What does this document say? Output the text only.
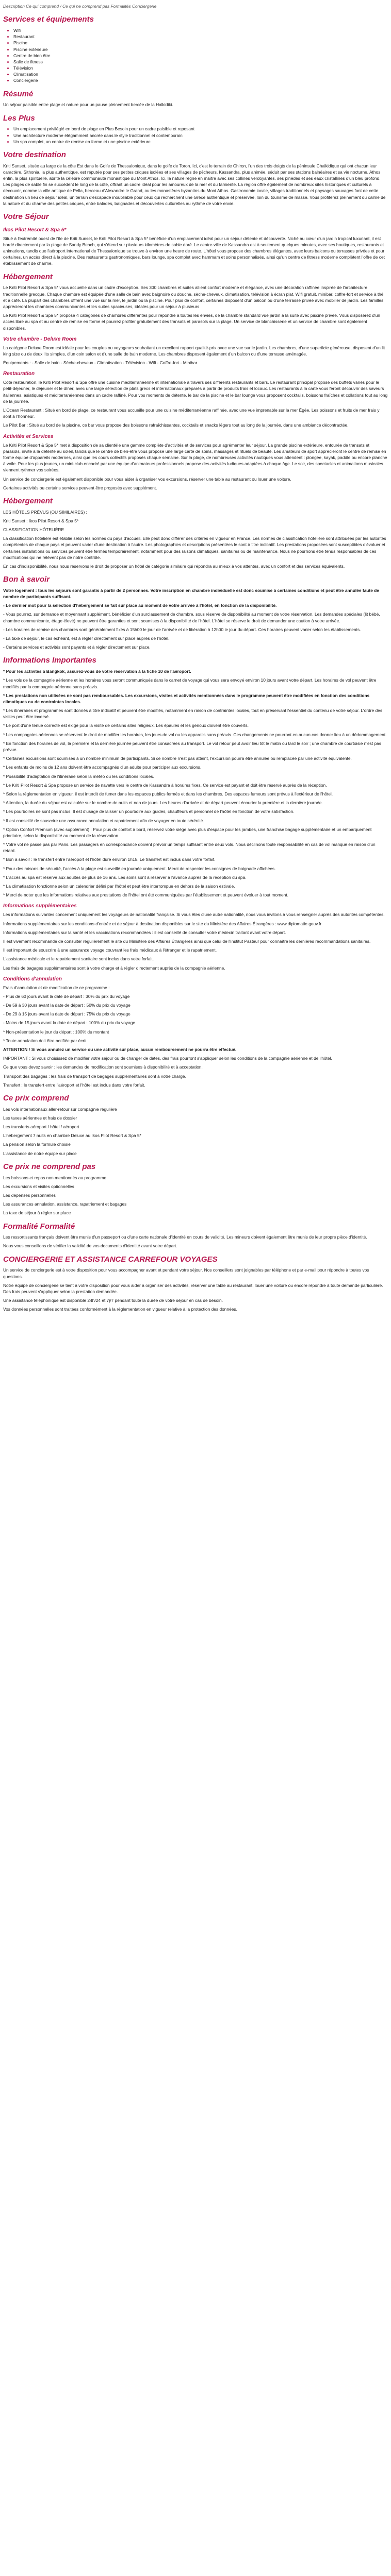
Description Ce qui comprend / Ce qui ne comprend pas Formalités Conciergerie

Services et équipements
• Wifi
• Restaurant
• Piscine
• Piscine extérieure
• Centre de bien être
• Salle de fitness
• Télévision
• Climatisation
• Conciergerie
Résumé

Un séjour paisible entre plage et nature pour un pause pleinement bercée de la Halkidiki.

Les Plus
• Un emplacement privilégié en bord de plage en Plus Besoin pour un cadre paisible et reposant
• Une architecture moderne élégamment ancrée dans le style traditionnel et contemporain
• Un spa complet, un centre de remise en forme et une piscine extérieure
Votre destination

Kriti Sunset, située au large de la côte Est dans le Golfe de Thessalonique, dans le golfe de Toron. Ici, c'est le terrain de Chiron, l'un des trois doigts de la péninsule Chalkidique qui ont chacun leur caractère. Sithonia, la plus authentique, est réputée pour ses petites criques isolées et ses villages de pêcheurs. Kassandra, plus animée, séduit par ses stations balnéaires et sa vie nocturne. Athos enfin, la plus spirituelle, abrite la célèbre communauté monastique du Mont Athos. Ici, la nature règne en maître avec ses collines verdoyantes, ses pinèdes et ses eaux cristallines d'un bleu profond. Les plages de sable fin se succèdent le long de la côte, offrant un cadre idéal pour les amoureux de la mer et du farniente. La région offre également de nombreux sites historiques et culturels à découvrir, comme la ville antique de Pella, berceau d'Alexandre le Grand, ou les monastères byzantins du Mont Athos. Gastronomie locale, villages traditionnels et paysages sauvages font de cette destination un lieu de séjour idéal, un terrain d'escapade inoubliable pour ceux qui recherchent une Grèce authentique et préservée, loin du tourisme de masse. Vous profiterez pleinement du calme de la nature et du charme des petites criques, entre balades, baignades et découvertes culturelles au rythme de votre envie.

Votre Séjour
Ikos Pilot Resort & Spa 5*

Situé à l'extrémité ouest de l'île de Kriti Sunset, le Kriti Pilot Resort & Spa 5* bénéficie d'un emplacement idéal pour un séjour détente et découverte. Niché au cœur d'un jardin tropical luxuriant, il est bordé directement par la plage de Sandy Beach, qui s'étend sur plusieurs kilomètres de sable doré. Le centre-ville de Kassandra est à seulement quelques minutes, avec ses boutiques, restaurants et animations, tandis que l'aéroport international de Thessalonique se trouve à environ une heure de route. L'hôtel vous propose des chambres élégantes, avec leurs balcons ou terrasses privées et pour certaines, un accès direct à la piscine. Des restaurants gastronomiques, bars lounge, spa complet avec hammam et soins personnalisés, ainsi qu'un centre de fitness moderne complètent l'offre de cet établissement de charme.

Hébergement

Le Kriti Pilot Resort & Spa 5* vous accueille dans un cadre d'exception. Ses 300 chambres et suites allient confort moderne et élégance, avec une décoration raffinée inspirée de l'architecture traditionnelle grecque. Chaque chambre est équipée d'une salle de bain avec baignoire ou douche, sèche-cheveux, climatisation, télévision à écran plat, Wifi gratuit, minibar, coffre-fort et service à thé et à café. La plupart des chambres offrent une vue sur la mer, le jardin ou la piscine. Pour plus de confort, certaines disposent d'un balcon ou d'une terrasse privée avec mobilier de jardin. Les familles apprécieront les chambres communicantes et les suites spacieuses, idéales pour un séjour à plusieurs.

Le Kriti Pilot Resort & Spa 5* propose 4 catégories de chambres différentes pour répondre à toutes les envies, de la chambre standard vue jardin à la suite avec piscine privée. Vous disposerez d'un accès libre au spa et au centre de remise en forme et pourrez profiter gratuitement des transats et parasols sur la plage. Un service de blanchisserie et un service de chambre sont également disponibles.

Votre chambre - Deluxe Room

La catégorie Deluxe Room est idéale pour les couples ou voyageurs souhaitant un excellent rapport qualité-prix avec une vue sur le jardin. Les chambres, d'une superficie généreuse, disposent d'un lit king size ou de deux lits simples, d'un coin salon et d'une salle de bain moderne. Les chambres disposent également d'un balcon ou d'une terrasse aménagée.

Équipements : - Salle de bain - Sèche-cheveux - Climatisation - Télévision - Wifi - Coffre-fort - Minibar

Restauration

Côté restauration, le Kriti Pilot Resort & Spa offre une cuisine méditerranéenne et internationale à travers ses différents restaurants et bars. Le restaurant principal propose des buffets variés pour le petit-déjeuner, le déjeuner et le dîner, avec une large sélection de plats grecs et internationaux préparés à partir de produits frais et locaux. Les restaurants à la carte vous feront découvrir des saveurs italiennes, asiatiques et méditerranéennes dans un cadre raffiné. Pour vos moments de détente, le bar de la piscine et le bar lounge vous proposent cocktails, boissons fraîches et collations tout au long de la journée.

L'Ocean Restaurant : Situé en bord de plage, ce restaurant vous accueille pour une cuisine méditerranéenne raffinée, avec une vue imprenable sur la mer Égée. Les poissons et fruits de mer frais y sont à l'honneur.

Le Pilot Bar : Situé au bord de la piscine, ce bar vous propose des boissons rafraîchissantes, cocktails et snacks légers tout au long de la journée, dans une ambiance décontractée.

Activités et Services

Le Kriti Pilot Resort & Spa 5* met à disposition de sa clientèle une gamme complète d'activités et de services pour agrémenter leur séjour. La grande piscine extérieure, entourée de transats et parasols, invite à la détente au soleil, tandis que le centre de bien-être vous propose une large carte de soins, massages et rituels de beauté. Les amateurs de sport apprécieront le centre de remise en forme équipé d'appareils modernes, ainsi que les cours collectifs proposés chaque semaine. Sur la plage, de nombreuses activités nautiques vous attendent : plongée, kayak, paddle ou encore planche à voile. Pour les plus jeunes, un mini-club encadré par une équipe d'animateurs professionnels propose des activités ludiques adaptées à chaque âge. Le soir, des spectacles et animations musicales viennent rythmer vos soirées.

Un service de conciergerie est également disponible pour vous aider à organiser vos excursions, réserver une table au restaurant ou louer une voiture.

Certaines activités ou certains services peuvent être proposés avec supplément.

Hébergement

LES HÔTELS PRÉVUS (OU SIMILAIRES) :

Kriti Sunset : Ikos Pilot Resort & Spa 5*

CLASSIFICATION HÔTELIÈRE

La classification hôtelière est établie selon les normes du pays d'accueil. Elle peut donc différer des critères en vigueur en France. Les normes de classification hôtelière sont attribuées par les autorités compétentes de chaque pays et peuvent varier d'une destination à l'autre. Les photographies et descriptions présentées le sont à titre indicatif. Les prestations proposées sont susceptibles d'évoluer et certaines installations ou services peuvent être fermés temporairement, notamment pour des raisons climatiques, sanitaires ou de maintenance. Nous ne pourrions être tenus responsables de ces modifications qui ne relèvent pas de notre contrôle.

En cas d'indisponibilité, nous nous réservons le droit de proposer un hôtel de catégorie similaire qui répondra au mieux à vos attentes, avec un confort et des services équivalents.

Bon à savoir

Votre logement : tous les séjours sont garantis à partir de 2 personnes. Votre inscription en chambre individuelle est donc soumise à certaines conditions et peut être annulée faute de nombre de participants suffisant.

- Le dernier mot pour la sélection d'hébergement se fait sur place au moment de votre arrivée à l'hôtel, en fonction de la disponibilité.

- Vous pourrez, sur demande et moyennant supplément, bénéficier d'un surclassement de chambre, sous réserve de disponibilité au moment de votre réservation. Les demandes spéciales (lit bébé, chambre communicante, étage élevé) ne peuvent être garanties et sont soumises à la disponibilité de l'hôtel. L'hôtel se réserve le droit de demander une caution à votre arrivée.

- Les horaires de remise des chambres sont généralement fixés à 15h00 le jour de l'arrivée et de libération à 12h00 le jour du départ. Ces horaires peuvent varier selon les établissements.

- La taxe de séjour, le cas échéant, est à régler directement sur place auprès de l'hôtel.

- Certains services et activités sont payants et à régler directement sur place.

Informations Importantes

* Pour les activités à Bangkok, assurez-vous de votre réservation à la fiche 10 de l'aéroport.

* Les vols de la compagnie aérienne et les horaires vous seront communiqués dans le carnet de voyage qui vous sera envoyé environ 10 jours avant votre départ. Les horaires de vol peuvent être modifiés par la compagnie aérienne sans préavis.

* Les prestations non utilisées ne sont pas remboursables. Les excursions, visites et activités mentionnées dans le programme peuvent être modifiées en fonction des conditions climatiques ou de contraintes locales.

* Les itinéraires et programmes sont donnés à titre indicatif et peuvent être modifiés, notamment en raison de contraintes locales, tout en préservant l'essentiel du contenu de votre séjour. L'ordre des visites peut être inversé.

* Le port d'une tenue correcte est exigé pour la visite de certains sites religieux. Les épaules et les genoux doivent être couverts.

* Les compagnies aériennes se réservent le droit de modifier les horaires, les jours de vol ou les appareils sans préavis. Ces changements ne pourront en aucun cas donner lieu à un dédommagement.

* En fonction des horaires de vol, la première et la dernière journée peuvent être consacrées au transport. Le vol retour peut avoir lieu tôt le matin ou tard le soir ; une chambre de courtoisie n'est pas prévue.

* Certaines excursions sont soumises à un nombre minimum de participants. Si ce nombre n'est pas atteint, l'excursion pourra être annulée ou remplacée par une activité équivalente.

* Les enfants de moins de 12 ans doivent être accompagnés d'un adulte pour participer aux excursions.

* Possibilité d'adaptation de l'itinéraire selon la météo ou les conditions locales.

* Le Kriti Pilot Resort & Spa propose un service de navette vers le centre de Kassandra à horaires fixes. Ce service est payant et doit être réservé auprès de la réception.

* Selon la réglementation en vigueur, il est interdit de fumer dans les espaces publics fermés et dans les chambres. Des espaces fumeurs sont prévus à l'extérieur de l'hôtel.

* Attention, la durée du séjour est calculée sur le nombre de nuits et non de jours. Les heures d'arrivée et de départ peuvent écourter la première et la dernière journée.

* Les pourboires ne sont pas inclus. Il est d'usage de laisser un pourboire aux guides, chauffeurs et personnel de l'hôtel en fonction de votre satisfaction.

* Il est conseillé de souscrire une assurance annulation et rapatriement afin de voyager en toute sérénité.

* Option Confort Premium (avec supplément) : Pour plus de confort à bord, réservez votre siège avec plus d'espace pour les jambes, une franchise bagage supplémentaire et un embarquement prioritaire, selon la disponibilité au moment de la réservation.

* Votre vol ne passe pas par Paris. Les passagers en correspondance doivent prévoir un temps suffisant entre deux vols. Nous déclinons toute responsabilité en cas de vol manqué en raison d'un retard.

* Bon à savoir : le transfert entre l'aéroport et l'hôtel dure environ 1h15. Le transfert est inclus dans votre forfait.

* Pour des raisons de sécurité, l'accès à la plage est surveillé en journée uniquement. Merci de respecter les consignes de baignade affichées.

* L'accès au spa est réservé aux adultes de plus de 16 ans. Les soins sont à réserver à l'avance auprès de la réception du spa.

* La climatisation fonctionne selon un calendrier défini par l'hôtel et peut être interrompue en dehors de la saison estivale.

* Merci de noter que les informations relatives aux prestations de l'hôtel ont été communiquées par l'établissement et peuvent évoluer à tout moment.

Informations supplémentaires

Les informations suivantes concernent uniquement les voyageurs de nationalité française. Si vous êtes d'une autre nationalité, nous vous invitons à vous renseigner auprès des autorités compétentes.

Informations supplémentaires sur les conditions d'entrée et de séjour à destination disponibles sur le site du Ministère des Affaires Étrangères : www.diplomatie.gouv.fr

Informations supplémentaires sur la santé et les vaccinations recommandées : il est conseillé de consulter votre médecin traitant avant votre départ.

Il est vivement recommandé de consulter régulièrement le site du Ministère des Affaires Étrangères ainsi que celui de l'Institut Pasteur pour connaître les dernières recommandations sanitaires.

Il est important de souscrire à une assurance voyage couvrant les frais médicaux à l'étranger et le rapatriement.

L'assistance médicale et le rapatriement sanitaire sont inclus dans votre forfait.

Les frais de bagages supplémentaires sont à votre charge et à régler directement auprès de la compagnie aérienne.

Conditions d'annulation

Frais d'annulation et de modification de ce programme :

- Plus de 60 jours avant la date de départ : 30% du prix du voyage

- De 59 à 30 jours avant la date de départ : 50% du prix du voyage

- De 29 à 15 jours avant la date de départ : 75% du prix du voyage

- Moins de 15 jours avant la date de départ : 100% du prix du voyage

* Non-présentation le jour du départ : 100% du montant

* Toute annulation doit être notifiée par écrit.

ATTENTION ! Si vous annulez un service ou une activité sur place, aucun remboursement ne pourra être effectué.

IMPORTANT : Si vous choisissez de modifier votre séjour ou de changer de dates, des frais pourront s'appliquer selon les conditions de la compagnie aérienne et de l'hôtel.

Ce que vous devez savoir : les demandes de modification sont soumises à disponibilité et à acceptation.

Transport des bagages : les frais de transport de bagages supplémentaires sont à votre charge.

Transfert : le transfert entre l'aéroport et l'hôtel est inclus dans votre forfait.

Ce prix comprend

Les vols internationaux aller-retour sur compagnie régulière

Les taxes aériennes et frais de dossier

Les transferts aéroport / hôtel / aéroport

L'hébergement 7 nuits en chambre Deluxe au Ikos Pilot Resort & Spa 5*

La pension selon la formule choisie

L'assistance de notre équipe sur place

Ce prix ne comprend pas

Les boissons et repas non mentionnés au programme

Les excursions et visites optionnelles

Les dépenses personnelles

Les assurances annulation, assistance, rapatriement et bagages

La taxe de séjour à régler sur place

Formalité Formalité

Les ressortissants français doivent être munis d'un passeport ou d'une carte nationale d'identité en cours de validité. Les mineurs doivent également être munis de leur propre pièce d'identité.

Nous vous conseillons de vérifier la validité de vos documents d'identité avant votre départ.

CONCIERGERIE ET ASSISTANCE CARREFOUR VOYAGES

Un service de conciergerie est à votre disposition pour vous accompagner avant et pendant votre séjour. Nos conseillers sont joignables par téléphone et par e-mail pour répondre à toutes vos questions.

Notre équipe de conciergerie se tient à votre disposition pour vous aider à organiser des activités, réserver une table au restaurant, louer une voiture ou encore répondre à toute demande particulière. Des frais peuvent s'appliquer selon la prestation demandée.

Une assistance téléphonique est disponible 24h/24 et 7j/7 pendant toute la durée de votre séjour en cas de besoin.

Vos données personnelles sont traitées conformément à la réglementation en vigueur relative à la protection des données.
